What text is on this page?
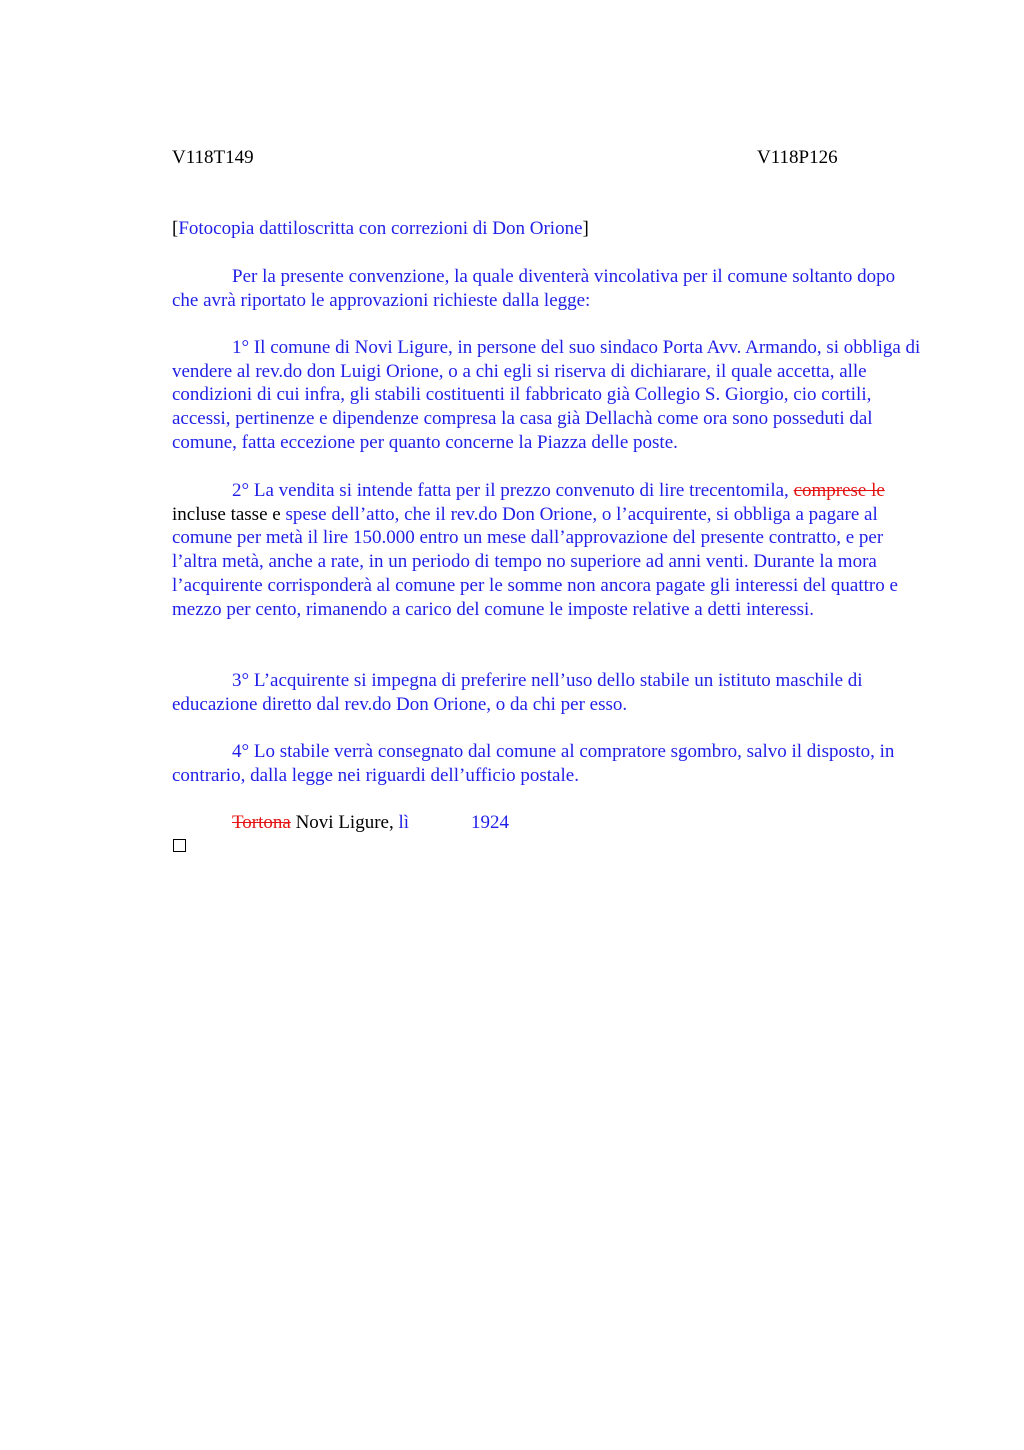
V118T149	V118P126
[Fotocopia dattiloscritta con correzioni di Don Orione]
Per la presente convenzione, la quale diventerà vincolativa per il comune soltanto dopo che avrà riportato le approvazioni richieste dalla legge:
1° Il comune di Novi Ligure, in persone del suo sindaco Porta Avv. Armando, si obbliga di vendere al rev.do don Luigi Orione, o a chi egli si riserva di dichiarare, il quale accetta, alle condizioni di cui infra, gli stabili costituenti il fabbricato già Collegio S. Giorgio, cio cortili, accessi, pertinenze e dipendenze compresa la casa già Dellachà come ora sono posseduti dal comune, fatta eccezione per quanto concerne la Piazza delle poste.
2° La vendita si intende fatta per il prezzo convenuto di lire trecentomila, comprese le incluse tasse e spese dell’atto, che il rev.do Don Orione, o l’acquirente, si obbliga a pagare al comune per metà il lire 150.000 entro un mese dall’approvazione del presente contratto, e per l’altra metà, anche a rate, in un periodo di tempo no superiore ad anni venti. Durante la mora l’acquirente corrisponderà al comune per le somme non ancora pagate gli interessi del quattro e mezzo per cento, rimanendo a carico del comune le imposte relative a detti interessi.
3° L’acquirente si impegna di preferire nell’uso dello stabile un istituto maschile di educazione diretto dal rev.do Don Orione, o da chi per esso.
4° Lo stabile verrà consegnato dal comune al compratore sgombro, salvo il disposto, in contrario, dalla legge nei riguardi dell’ufficio postale.
Tortona Novi Ligure, lì	1924
